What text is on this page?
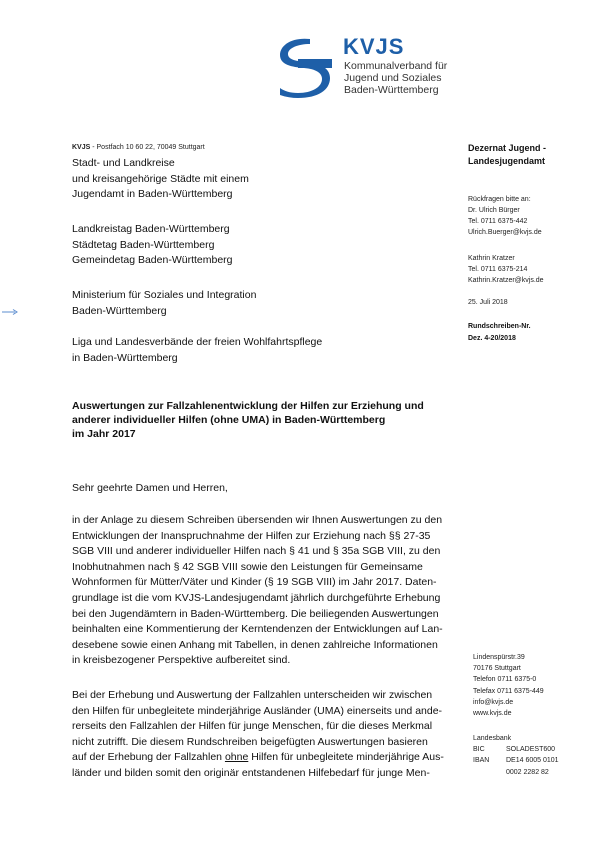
KVJS
Kommunalverband für
Jugend und Soziales
Baden-Württemberg
KVJS - Postfach 10 60 22, 70049 Stuttgart
Stadt- und Landkreise
und kreisangehörige Städte mit einem
Jugendamt in Baden-Württemberg
Landkreistag Baden-Württemberg
Städtetag Baden-Württemberg
Gemeindetag Baden-Württemberg
Ministerium für Soziales und Integration
Baden-Württemberg
Liga und Landesverbände der freien Wohlfahrtspflege
in Baden-Württemberg
Auswertungen zur Fallzahlenentwicklung der Hilfen zur Erziehung und
anderer individueller Hilfen (ohne UMA) in Baden-Württemberg
im Jahr 2017
Sehr geehrte Damen und Herren,
in der Anlage zu diesem Schreiben übersenden wir Ihnen Auswertungen zu den
Entwicklungen der Inanspruchnahme der Hilfen zur Erziehung nach §§ 27-35
SGB VIII und anderer individueller Hilfen nach § 41 und § 35a SGB VIII, zu den
Inobhutnahmen nach § 42 SGB VIII sowie den Leistungen für Gemeinsame
Wohnformen für Mütter/Väter und Kinder (§ 19 SGB VIII) im Jahr 2017. Daten-
grundlage ist die vom KVJS-Landesjugendamt jährlich durchgeführte Erhebung
bei den Jugendämtern in Baden-Württemberg. Die beiliegenden Auswertungen
beinhalten eine Kommentierung der Kerntendenzen der Entwicklungen auf Lan-
desebene sowie einen Anhang mit Tabellen, in denen zahlreiche Informationen
in kreisbezogener Perspektive aufbereitet sind.
Bei der Erhebung und Auswertung der Fallzahlen unterscheiden wir zwischen
den Hilfen für unbegleitete minderjährige Ausländer (UMA) einerseits und ande-
rerseits den Fallzahlen der Hilfen für junge Menschen, für die dieses Merkmal
nicht zutrifft. Die diesem Rundschreiben beigefügten Auswertungen basieren
auf der Erhebung der Fallzahlen ohne Hilfen für unbegleitete minderjährige Aus-
länder und bilden somit den originär entstandenen Hilfebedarf für junge Men-
Dezernat Jugend -
Landesjugendamt
Rückfragen bitte an:
Dr. Ulrich Bürger
Tel. 0711 6375-442
Ulrich.Buerger@kvjs.de
Kathrin Kratzer
Tel. 0711 6375-214
Kathrin.Kratzer@kvjs.de
25. Juli 2018
Rundschreiben-Nr.
Dez. 4-20/2018
Lindenspürstr.39
70176 Stuttgart
Telefon 0711 6375-0
Telefax 0711 6375-449
info@kvjs.de
www.kvjs.de
Landesbank
BIC	SOLADEST600
IBAN	DE14 6005 0101
	0002 2282 82
